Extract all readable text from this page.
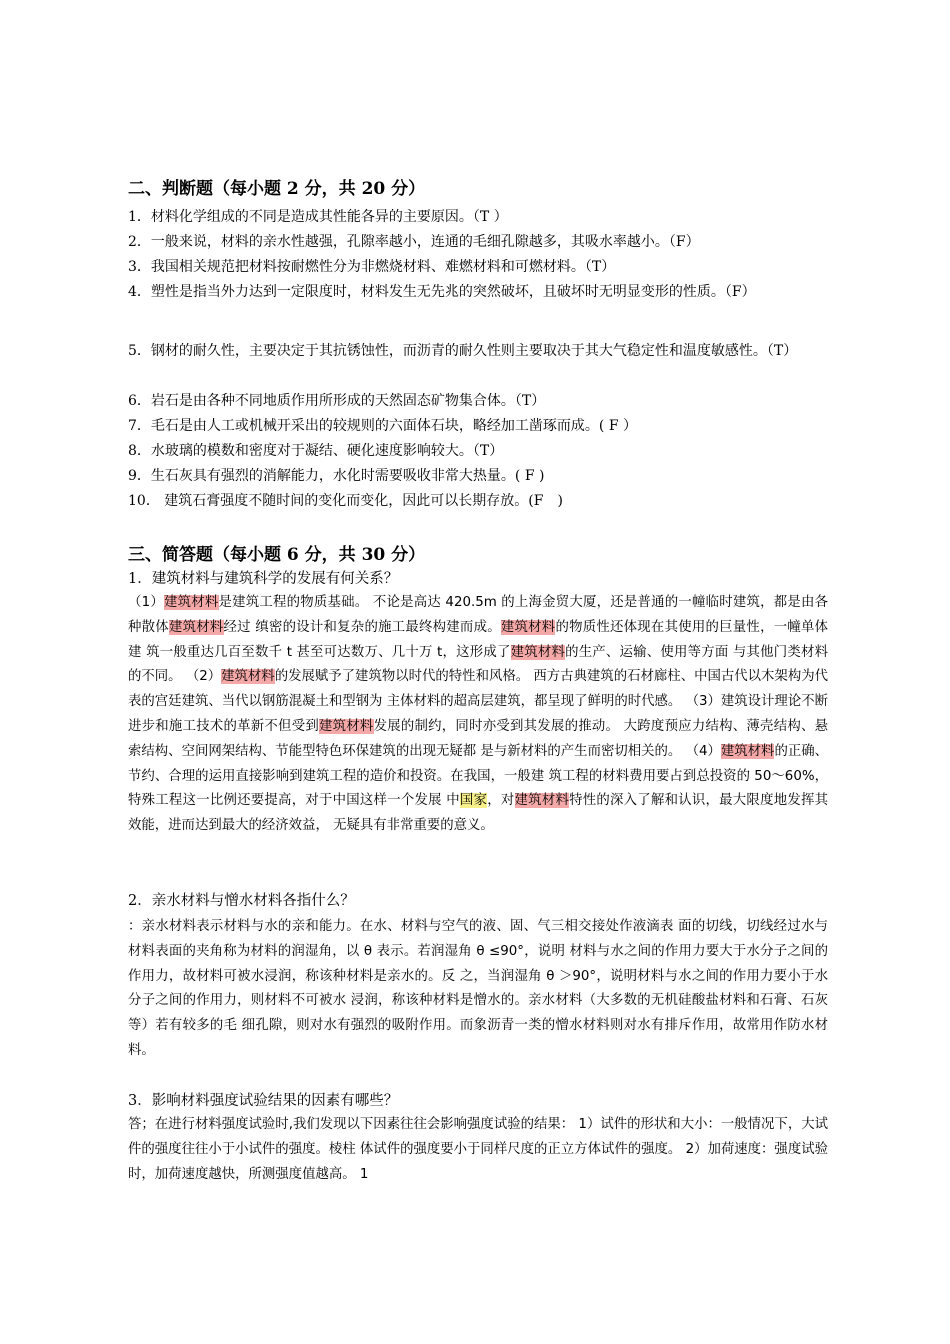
二、判断题（每小题 2 分，共 20 分）
1．材料化学组成的不同是造成其性能各异的主要原因。（T ）
2．一般来说，材料的亲水性越强，孔隙率越小，连通的毛细孔隙越多，其吸水率越小。（F）
3．我国相关规范把材料按耐燃性分为非燃烧材料、难燃材料和可燃材料。（T）
4．塑性是指当外力达到一定限度时，材料发生无先兆的突然破坏，且破坏时无明显变形的性质。（F）
5．钢材的耐久性，主要决定于其抗锈蚀性，而沥青的耐久性则主要取决于其大气稳定性和温度敏感性。（T）
6．岩石是由各种不同地质作用所形成的天然固态矿物集合体。（T）
7．毛石是由人工或机械开采出的较规则的六面体石块，略经加工凿琢而成。( F ）
8．水玻璃的模数和密度对于凝结、硬化速度影响较大。（T）
9．生石灰具有强烈的消解能力，水化时需要吸收非常大热量。( F )
10． 建筑石膏强度不随时间的变化而变化，因此可以长期存放。(F　)
三、简答题（每小题 6 分，共 30 分）
1．建筑材料与建筑科学的发展有何关系？
（1）建筑材料是建筑工程的物质基础。 不论是高达 420.5m 的上海金贸大厦，还是普通的一幢临时建筑，都是由各种散体建筑材料经过 缜密的设计和复杂的施工最终构建而成。建筑材料的物质性还体现在其使用的巨量性，一幢单体建 筑一般重达几百至数千 t 甚至可达数万、几十万 t，这形成了建筑材料的生产、运输、使用等方面 与其他门类材料的不同。 （2）建筑材料的发展赋予了建筑物以时代的特性和风格。 西方古典建筑的石材廊柱、中国古代以木架构为代表的宫廷建筑、当代以钢筋混凝土和型钢为 主体材料的超高层建筑，都呈现了鲜明的时代感。 （3）建筑设计理论不断进步和施工技术的革新不但受到建筑材料发展的制约，同时亦受到其发展的推动。 大跨度预应力结构、薄壳结构、悬索结构、空间网架结构、节能型特色环保建筑的出现无疑都 是与新材料的产生而密切相关的。 （4）建筑材料的正确、节约、合理的运用直接影响到建筑工程的造价和投资。在我国，一般建 筑工程的材料费用要占到总投资的 50～60%，特殊工程这一比例还要提高，对于中国这样一个发展 中国家，对建筑材料特性的深入了解和认识，最大限度地发挥其效能，进而达到最大的经济效益， 无疑具有非常重要的意义。
2．亲水材料与憎水材料各指什么？
：亲水材料表示材料与水的亲和能力。在水、材料与空气的液、固、气三相交接处作液滴表 面的切线，切线经过水与材料表面的夹角称为材料的润湿角，以 θ 表示。若润湿角 θ ≤90°，说明 材料与水之间的作用力要大于水分子之间的作用力，故材料可被水浸润，称该种材料是亲水的。反 之，当润湿角 θ ＞90°，说明材料与水之间的作用力要小于水分子之间的作用力，则材料不可被水 浸润，称该种材料是憎水的。亲水材料（大多数的无机硅酸盐材料和石膏、石灰等）若有较多的毛 细孔隙，则对水有强烈的吸附作用。而象沥青一类的憎水材料则对水有排斥作用，故常用作防水材料。
3．影响材料强度试验结果的因素有哪些？
答；在进行材料强度试验时,我们发现以下因素往往会影响强度试验的结果： 1）试件的形状和大小：一般情况下，大试件的强度往往小于小试件的强度。棱柱 体试件的强度要小于同样尺度的正立方体试件的强度。 2）加荷速度：强度试验时，加荷速度越快，所测强度值越高。 1
